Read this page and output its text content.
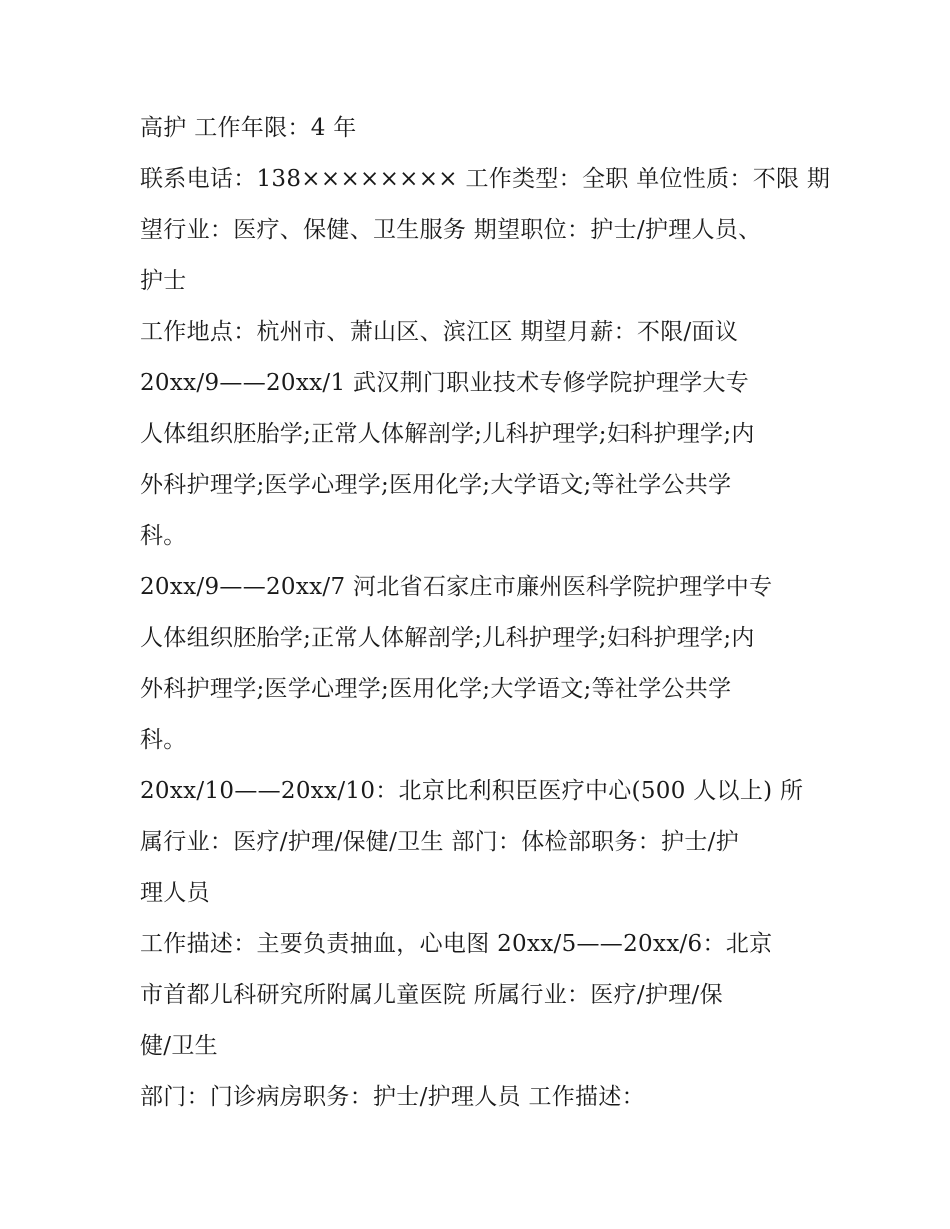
高护 工作年限：4 年
联系电话：138×××××××× 工作类型：全职 单位性质：不限 期
望行业：医疗、保健、卫生服务 期望职位：护士/护理人员、
护士
工作地点：杭州市、萧山区、滨江区 期望月薪：不限/面议
20xx/9——20xx/1 武汉荆门职业技术专修学院护理学大专
人体组织胚胎学;正常人体解剖学;儿科护理学;妇科护理学;内
外科护理学;医学心理学;医用化学;大学语文;等社学公共学
科。
20xx/9——20xx/7 河北省石家庄市廉州医科学院护理学中专
人体组织胚胎学;正常人体解剖学;儿科护理学;妇科护理学;内
外科护理学;医学心理学;医用化学;大学语文;等社学公共学
科。
20xx/10——20xx/10：北京比利积臣医疗中心(500 人以上) 所
属行业：医疗/护理/保健/卫生 部门：体检部职务：护士/护
理人员
工作描述：主要负责抽血，心电图 20xx/5——20xx/6：北京
市首都儿科研究所附属儿童医院 所属行业：医疗/护理/保
健/卫生
部门：门诊病房职务：护士/护理人员 工作描述：
